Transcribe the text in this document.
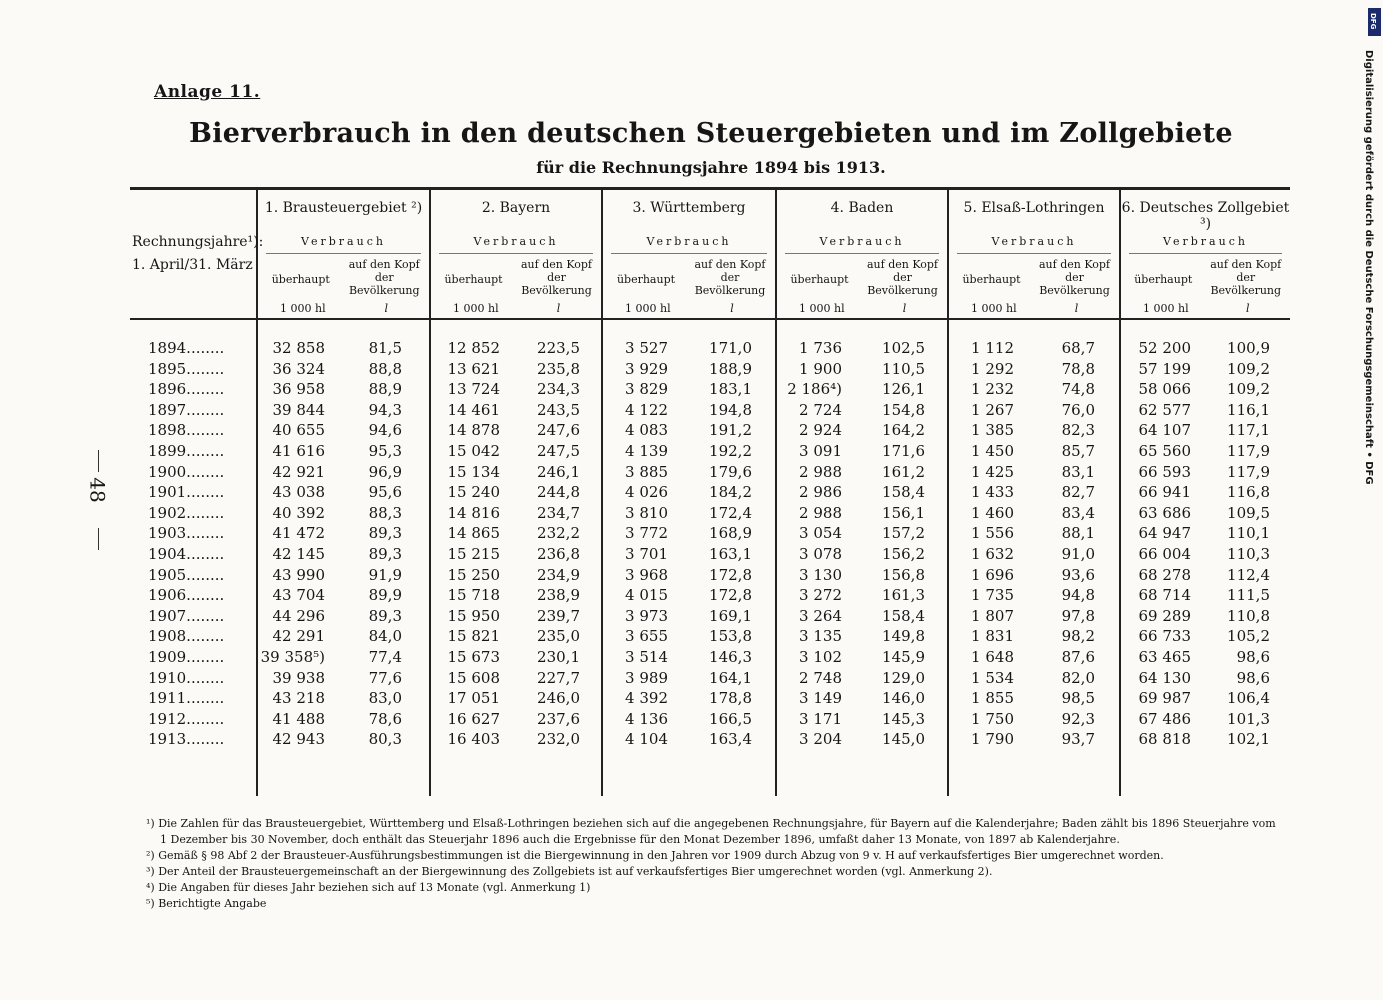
Anlage 11.
Bierverbrauch in den deutschen Steuergebieten und im Zollgebiete
für die Rechnungsjahre 1894 bis 1913.
48
DFG
Digitalisierung gefördert durch die Deutsche Forschungsgemeinschaft • DFG
Rechnungsjahre¹):
1. April/31. März
1. Brausteuergebiet ²)
Verbrauch
überhaupt
auf den Kopf der Bevölkerung
1 000 hl	l
2. Bayern
Verbrauch
überhaupt
auf den Kopf der Bevölkerung
1 000 hl	l
3. Württemberg
Verbrauch
überhaupt
auf den Kopf der Bevölkerung
1 000 hl	l
4. Baden
Verbrauch
überhaupt
auf den Kopf der Bevölkerung
1 000 hl	l
5. Elsaß-Lothringen
Verbrauch
überhaupt
auf den Kopf der Bevölkerung
1 000 hl	l
6. Deutsches Zollgebiet ³)
Verbrauch
überhaupt
auf den Kopf der Bevölkerung
1 000 hl	l
1894........	32 858	81,5	12 852	223,5	3 527	171,0	1 736	102,5	1 112	68,7	52 200	100,9
1895........	36 324	88,8	13 621	235,8	3 929	188,9	1 900	110,5	1 292	78,8	57 199	109,2
1896........	36 958	88,9	13 724	234,3	3 829	183,1	2 186⁴)	126,1	1 232	74,8	58 066	109,2
1897........	39 844	94,3	14 461	243,5	4 122	194,8	2 724	154,8	1 267	76,0	62 577	116,1
1898........	40 655	94,6	14 878	247,6	4 083	191,2	2 924	164,2	1 385	82,3	64 107	117,1
1899........	41 616	95,3	15 042	247,5	4 139	192,2	3 091	171,6	1 450	85,7	65 560	117,9
1900........	42 921	96,9	15 134	246,1	3 885	179,6	2 988	161,2	1 425	83,1	66 593	117,9
1901........	43 038	95,6	15 240	244,8	4 026	184,2	2 986	158,4	1 433	82,7	66 941	116,8
1902........	40 392	88,3	14 816	234,7	3 810	172,4	2 988	156,1	1 460	83,4	63 686	109,5
1903........	41 472	89,3	14 865	232,2	3 772	168,9	3 054	157,2	1 556	88,1	64 947	110,1
1904........	42 145	89,3	15 215	236,8	3 701	163,1	3 078	156,2	1 632	91,0	66 004	110,3
1905........	43 990	91,9	15 250	234,9	3 968	172,8	3 130	156,8	1 696	93,6	68 278	112,4
1906........	43 704	89,9	15 718	238,9	4 015	172,8	3 272	161,3	1 735	94,8	68 714	111,5
1907........	44 296	89,3	15 950	239,7	3 973	169,1	3 264	158,4	1 807	97,8	69 289	110,8
1908........	42 291	84,0	15 821	235,0	3 655	153,8	3 135	149,8	1 831	98,2	66 733	105,2
1909........	39 358⁵)	77,4	15 673	230,1	3 514	146,3	3 102	145,9	1 648	87,6	63 465	98,6
1910........	39 938	77,6	15 608	227,7	3 989	164,1	2 748	129,0	1 534	82,0	64 130	98,6
1911........	43 218	83,0	17 051	246,0	4 392	178,8	3 149	146,0	1 855	98,5	69 987	106,4
1912........	41 488	78,6	16 627	237,6	4 136	166,5	3 171	145,3	1 750	92,3	67 486	101,3
1913........	42 943	80,3	16 403	232,0	4 104	163,4	3 204	145,0	1 790	93,7	68 818	102,1
¹) Die Zahlen für das Brausteuergebiet, Württemberg und Elsaß-Lothringen beziehen sich auf die angegebenen Rechnungsjahre, für Bayern auf die Kalenderjahre; Baden zählt bis 1896 Steuerjahre vom
1 Dezember bis 30 November, doch enthält das Steuerjahr 1896 auch die Ergebnisse für den Monat Dezember 1896, umfaßt daher 13 Monate, von 1897 ab Kalenderjahre.
²) Gemäß § 98 Abf 2 der Brausteuer-Ausführungsbestimmungen ist die Biergewinnung in den Jahren vor 1909 durch Abzug von 9 v. H auf verkaufsfertiges Bier umgerechnet worden.
³) Der Anteil der Brausteuergemeinschaft an der Biergewinnung des Zollgebiets ist auf verkaufsfertiges Bier umgerechnet worden (vgl. Anmerkung 2).
⁴) Die Angaben für dieses Jahr beziehen sich auf 13 Monate (vgl. Anmerkung 1)
⁵) Berichtigte Angabe
